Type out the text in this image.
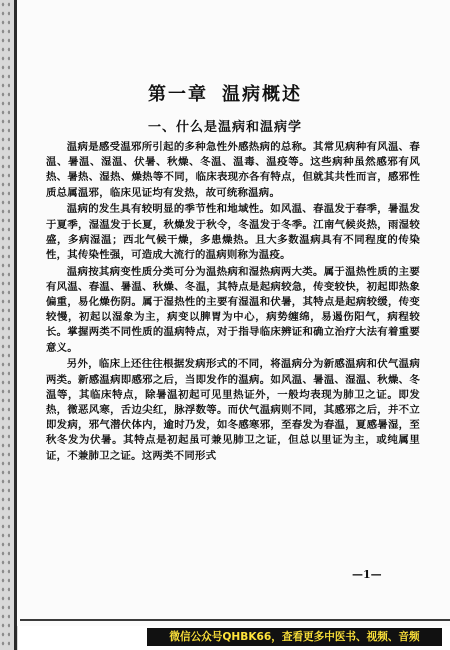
第一章 温病概述
一、什么是温病和温病学

温病是感受温邪所引起的多种急性外感热病的总称。其常见病种有风温、春温、暑温、湿温、伏暑、秋燥、冬温、温毒、温疫等。这些病种虽然感邪有风热、暑热、湿热、燥热等不同，临床表现亦各有特点，但就其共性而言，感邪性质总属温邪，临床见证均有发热，故可统称温病。

温病的发生具有较明显的季节性和地域性。如风温、春温发于春季，暑温发于夏季，湿温发于长夏，秋燥发于秋令，冬温发于冬季。江南气候炎热，雨湿较盛，多病湿温；西北气候干燥，多患燥热。且大多数温病具有不同程度的传染性，其传染性强，可造成大流行的温病则称为温疫。

温病按其病变性质分类可分为温热病和湿热病两大类。属于温热性质的主要有风温、春温、暑温、秋燥、冬温，其特点是起病较急，传变较快，初起即热象偏重，易化燥伤阴。属于湿热性的主要有湿温和伏暑，其特点是起病较缓，传变较慢，初起以湿象为主，病变以脾胃为中心，病势缠绵，易遏伤阳气，病程较长。掌握两类不同性质的温病特点，对于指导临床辨证和确立治疗大法有着重要意义。

另外，临床上还往往根据发病形式的不同，将温病分为新感温病和伏气温病两类。新感温病即感邪之后，当即发作的温病。如风温、暑温、湿温、秋燥、冬温等，其临床特点，除暑温初起可见里热证外，一般均表现为肺卫之证。即发热，微恶风寒，舌边尖红，脉浮数等。而伏气温病则不同，其感邪之后，并不立即发病，邪气潜伏体内，逾时乃发，如冬感寒邪，至春发为春温，夏感暑湿，至秋冬发为伏暑。其特点是初起虽可兼见肺卫之证，但总以里证为主，或纯属里证，不兼肺卫之证。这两类不同形式

—1—
微信公众号QHBK66，查看更多中医书、视频、音频
